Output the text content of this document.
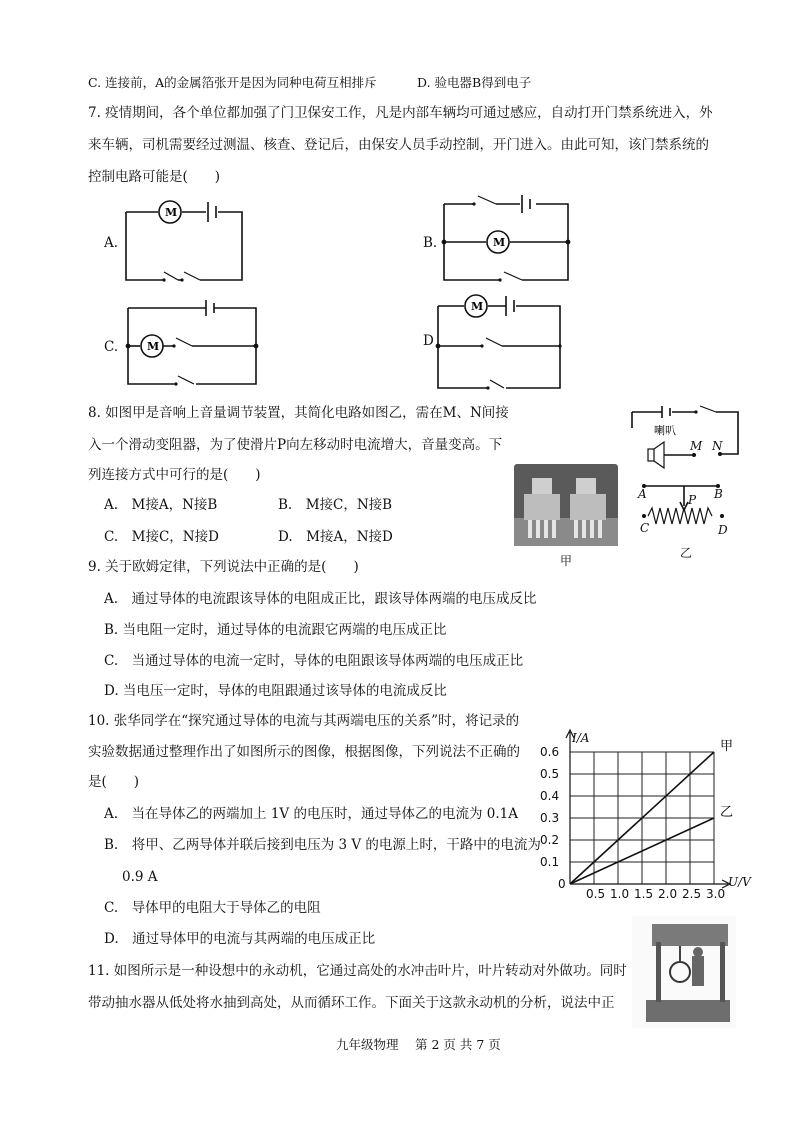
C. 连接前，A的金属箔张开是因为同种电荷互相排斥	D. 验电器B得到电子
7. 疫情期间，各个单位都加强了门卫保安工作，凡是内部车辆均可通过感应，自动打开门禁系统进入，外
来车辆，司机需要经过测温、核查、登记后，由保安人员手动控制，开门进入。由此可知，该门禁系统的
控制电路可能是(　　)
A.	B.
C.	D
M
M
M
M
8. 如图甲是音响上音量调节装置，其简化电路如图乙，需在M、N间接
入一个滑动变阻器，为了使滑片P向左移动时电流增大，音量变高。下
列连接方式中可行的是(　　)
A.　M接A，N接B	B.　M接C，N接B
C.　M接C，N接D	D.　M接A，N接D
甲
喇叭
M N
A	B
P
C	D
乙
9. 关于欧姆定律，下列说法中正确的是(　　)
A.　通过导体的电流跟该导体的电阻成正比，跟该导体两端的电压成反比
B. 当电阻一定时，通过导体的电流跟它两端的电压成正比
C.　当通过导体的电流一定时，导体的电阻跟该导体两端的电压成正比
D. 当电压一定时，导体的电阻跟通过该导体的电流成反比
10. 张华同学在“探究通过导体的电流与其两端电压的关系”时，将记录的
实验数据通过整理作出了如图所示的图像，根据图像，下列说法不正确的
是(　　)
A.　当在导体乙的两端加上 1V 的电压时，通过导体乙的电流为 0.1A
B.　将甲、乙两导体并联后接到电压为 3 V 的电源上时，干路中的电流为
0.9 A
C.　导体甲的电阻大于导体乙的电阻
D.　通过导体甲的电流与其两端的电压成正比
0.5 1.0 1.5 2.0 2.5 3.0
0.6
0.5
0.4
0.3
0.2
0.1
甲
乙
I/A
U/V
0
11. 如图所示是一种设想中的永动机，它通过高处的水冲击叶片，叶片转动对外做功。同时
带动抽水器从低处将水抽到高处，从而循环工作。下面关于这款永动机的分析，说法中正
九年级物理　 第 2 页 共 7 页
